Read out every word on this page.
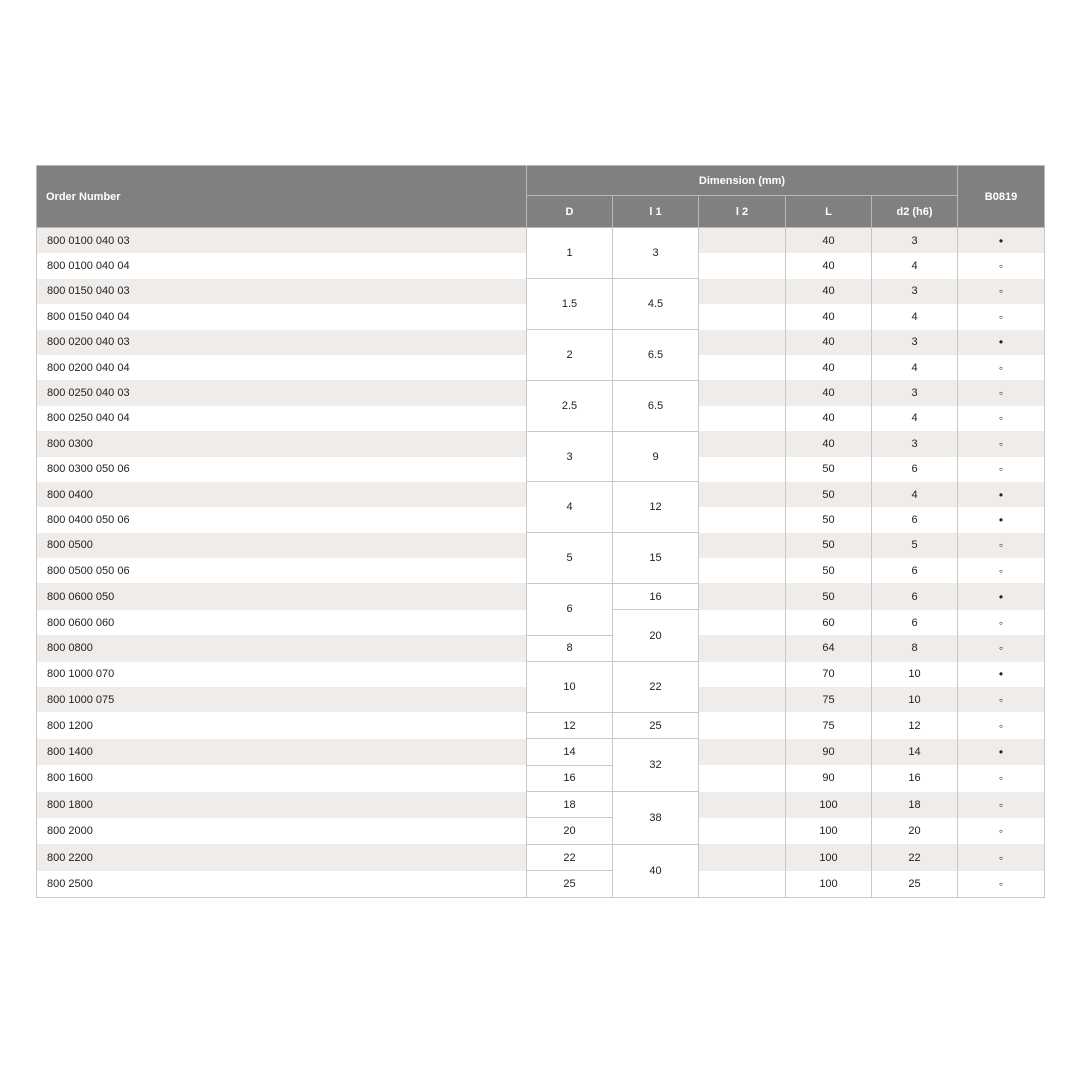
Order Number	Dimension (mm)					B0819
	D	l 1	l 2	L	d2 (h6)	
800 0100 040 03	1	3		40	3	•
800 0100 040 04				40	4	◦
800 0150 040 03	1.5	4.5		40	3	◦
800 0150 040 04				40	4	◦
800 0200 040 03	2	6.5		40	3	•
800 0200 040 04				40	4	◦
800 0250 040 03	2.5	6.5		40	3	◦
800 0250 040 04				40	4	◦
800 0300	3	9		40	3	◦
800 0300 050 06				50	6	◦
800 0400	4	12		50	4	•
800 0400 050 06				50	6	•
800 0500	5	15		50	5	◦
800 0500 050 06				50	6	◦
800 0600 050	6	16		50	6	•
800 0600 060		20		60	6	◦
800 0800	8			64	8	◦
800 1000 070	10	22		70	10	•
800 1000 075				75	10	◦
800 1200	12	25		75	12	◦
800 1400	14	32		90	14	•
800 1600	16			90	16	◦
800 1800	18	38		100	18	◦
800 2000	20			100	20	◦
800 2200	22	40		100	22	◦
800 2500	25			100	25	◦
